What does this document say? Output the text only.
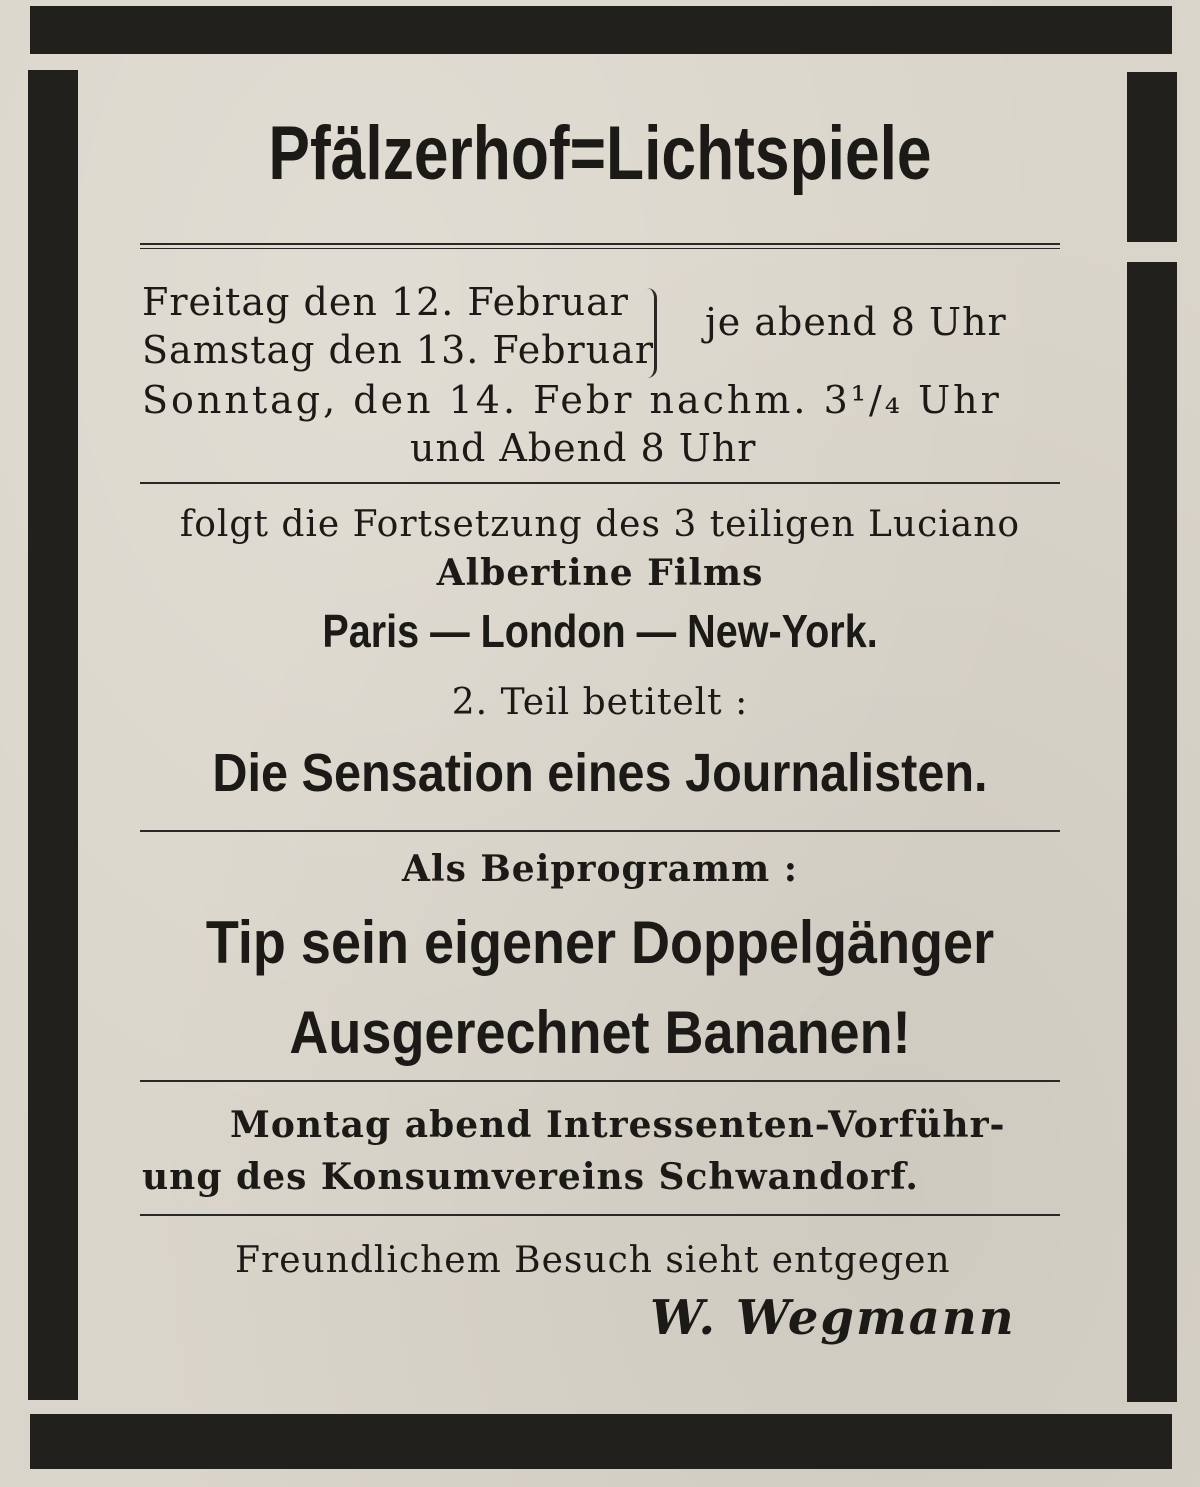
Pfälzerhof=Lichtspiele
Freitag den 12. Februar
Samstag den 13. Februar
je abend 8 Uhr
Sonntag, den 14. Febr nachm. 3¹/₄ Uhr
und Abend 8 Uhr
folgt die Fortsetzung des 3 teiligen Luciano
Albertine Films
Paris — London — New-York.
2. Teil betitelt :
Die Sensation eines Journalisten.
Als Beiprogramm :
Tip sein eigener Doppelgänger
Ausgerechnet Bananen!
Montag abend Intressenten-Vorführ-
ung des Konsumvereins Schwandorf.
Freundlichem Besuch sieht entgegen
W. Wegmann
